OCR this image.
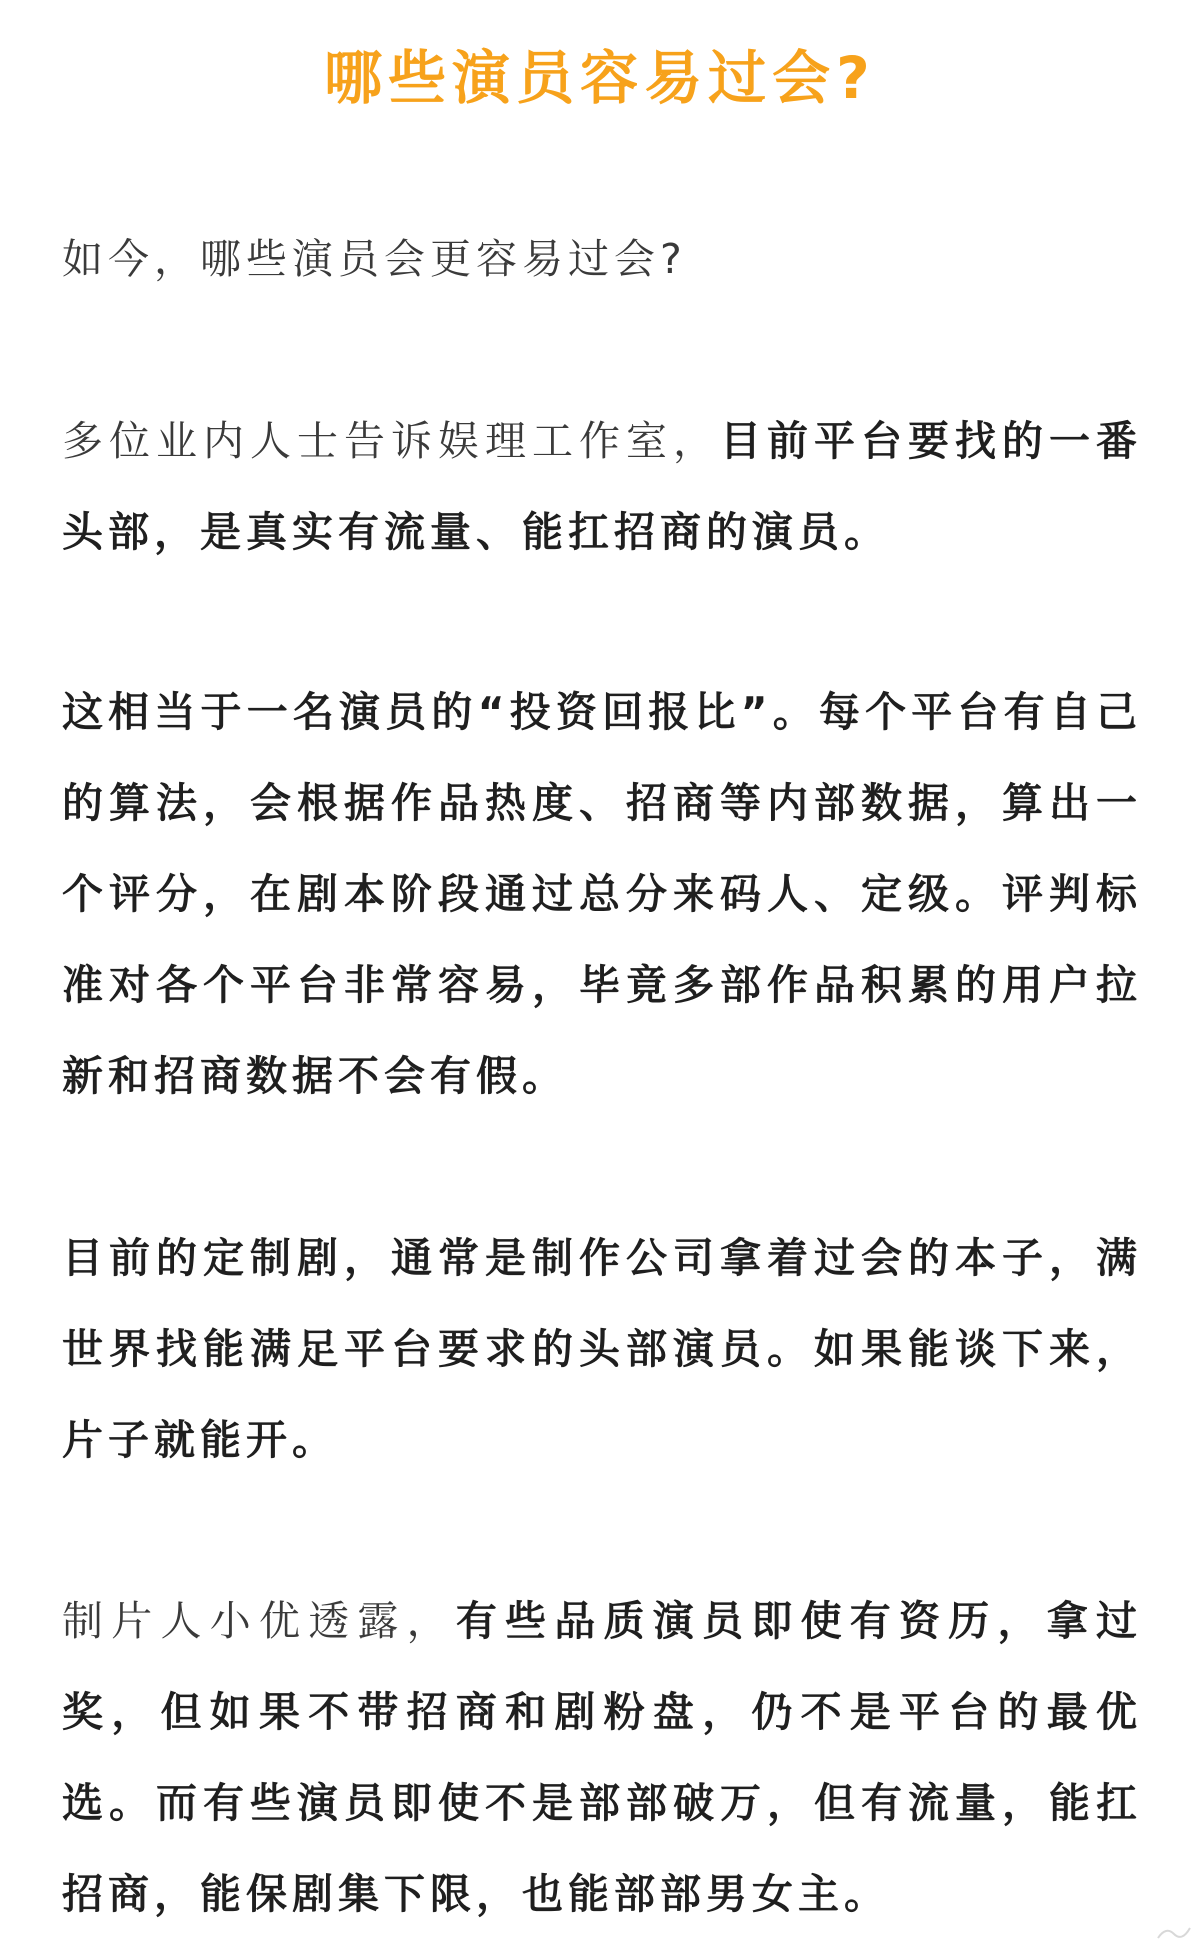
哪些演员容易过会?
如今，哪些演员会更容易过会?
多位业内人士告诉娱理工作室，目前平台要找的一番头部，是真实有流量、能扛招商的演员。
这相当于一名演员的“投资回报比”。每个平台有自己的算法，会根据作品热度、招商等内部数据，算出一个评分，在剧本阶段通过总分来码人、定级。评判标准对各个平台非常容易，毕竟多部作品积累的用户拉新和招商数据不会有假。
目前的定制剧，通常是制作公司拿着过会的本子，满世界找能满足平台要求的头部演员。如果能谈下来，片子就能开。
制片人小优透露，有些品质演员即使有资历，拿过奖，但如果不带招商和剧粉盘，仍不是平台的最优选。而有些演员即使不是部部破万，但有流量，能扛招商，能保剧集下限，也能部部男女主。
